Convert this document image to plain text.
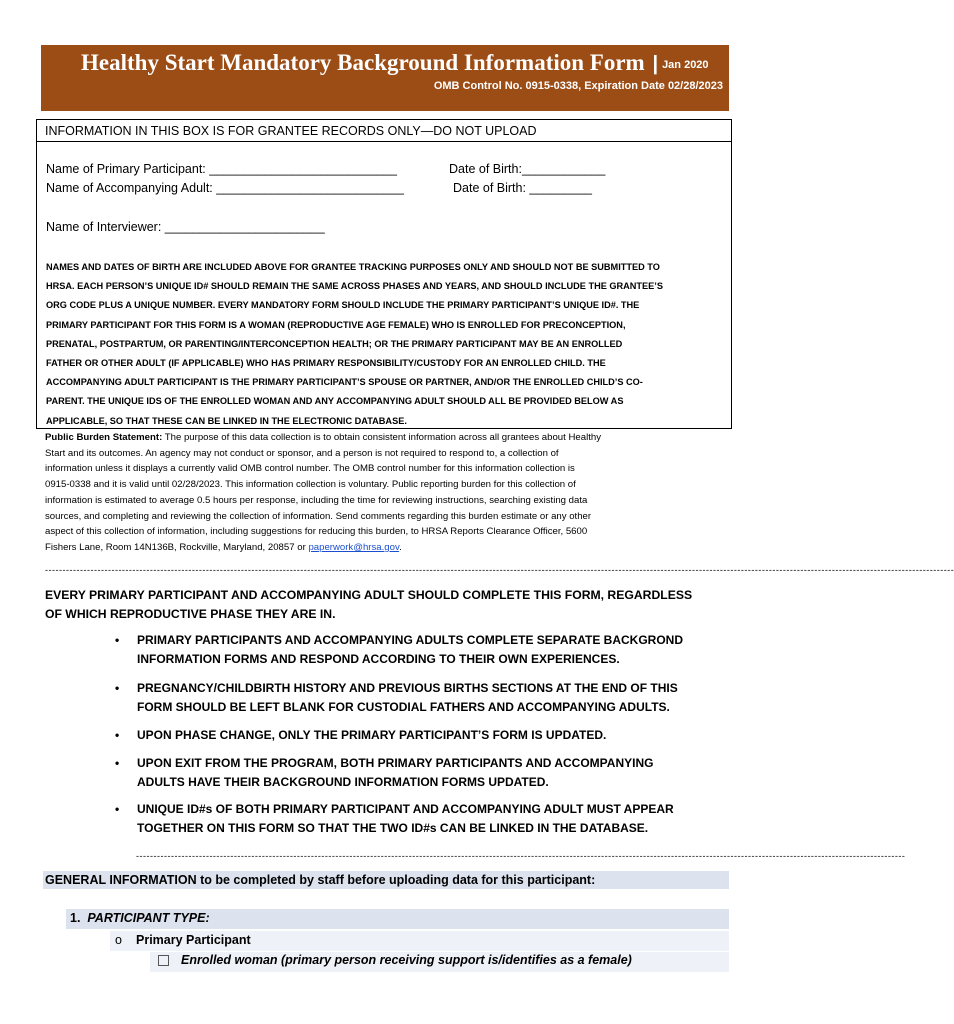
Healthy Start Mandatory Background Information Form | Jan 2020
OMB Control No. 0915-0338, Expiration Date 02/28/2023
INFORMATION IN THIS BOX IS FOR GRANTEE RECORDS ONLY—DO NOT UPLOAD
Name of Primary Participant: ___________________________	Date of Birth:____________
Name of Accompanying Adult: ___________________________	Date of Birth: _________
Name of Interviewer: _______________________
NAMES AND DATES OF BIRTH ARE INCLUDED ABOVE FOR GRANTEE TRACKING PURPOSES ONLY AND SHOULD NOT BE SUBMITTED TO
HRSA. EACH PERSON’S UNIQUE ID# SHOULD REMAIN THE SAME ACROSS PHASES AND YEARS, AND SHOULD INCLUDE THE GRANTEE’S
ORG CODE PLUS A UNIQUE NUMBER. EVERY MANDATORY FORM SHOULD INCLUDE THE PRIMARY PARTICIPANT’S UNIQUE ID#. THE
PRIMARY PARTICIPANT FOR THIS FORM IS A WOMAN (REPRODUCTIVE AGE FEMALE) WHO IS ENROLLED FOR PRECONCEPTION,
PRENATAL, POSTPARTUM, OR PARENTING/INTERCONCEPTION HEALTH; OR THE PRIMARY PARTICIPANT MAY BE AN ENROLLED
FATHER OR OTHER ADULT (IF APPLICABLE) WHO HAS PRIMARY RESPONSIBILITY/CUSTODY FOR AN ENROLLED CHILD. THE
ACCOMPANYING ADULT PARTICIPANT IS THE PRIMARY PARTICIPANT’S SPOUSE OR PARTNER, AND/OR THE ENROLLED CHILD’S CO-
PARENT. THE UNIQUE IDS OF THE ENROLLED WOMAN AND ANY ACCOMPANYING ADULT SHOULD ALL BE PROVIDED BELOW AS
APPLICABLE, SO THAT THESE CAN BE LINKED IN THE ELECTRONIC DATABASE.
Public Burden Statement: The purpose of this data collection is to obtain consistent information across all grantees about Healthy
Start and its outcomes. An agency may not conduct or sponsor, and a person is not required to respond to, a collection of
information unless it displays a currently valid OMB control number. The OMB control number for this information collection is
0915-0338 and it is valid until 02/28/2023. This information collection is voluntary. Public reporting burden for this collection of
information is estimated to average 0.5 hours per response, including the time for reviewing instructions, searching existing data
sources, and completing and reviewing the collection of information. Send comments regarding this burden estimate or any other
aspect of this collection of information, including suggestions for reducing this burden, to HRSA Reports Clearance Officer, 5600
Fishers Lane, Room 14N136B, Rockville, Maryland, 20857 or paperwork@hrsa.gov.
--------------------------------------------------------------------------------------------------------------------------------------------------------------------------------------------------------------------------------------------------------------------
EVERY PRIMARY PARTICIPANT AND ACCOMPANYING ADULT SHOULD COMPLETE THIS FORM, REGARDLESS
OF WHICH REPRODUCTIVE PHASE THEY ARE IN.
• PRIMARY PARTICIPANTS AND ACCOMPANYING ADULTS COMPLETE SEPARATE BACKGROND
INFORMATION FORMS AND RESPOND ACCORDING TO THEIR OWN EXPERIENCES.
• PREGNANCY/CHILDBIRTH HISTORY AND PREVIOUS BIRTHS SECTIONS AT THE END OF THIS
FORM SHOULD BE LEFT BLANK FOR CUSTODIAL FATHERS AND ACCOMPANYING ADULTS.
• UPON PHASE CHANGE, ONLY THE PRIMARY PARTICIPANT’S FORM IS UPDATED.
• UPON EXIT FROM THE PROGRAM, BOTH PRIMARY PARTICIPANTS AND ACCOMPANYING
ADULTS HAVE THEIR BACKGROUND INFORMATION FORMS UPDATED.
• UNIQUE ID#s OF BOTH PRIMARY PARTICIPANT AND ACCOMPANYING ADULT MUST APPEAR
TOGETHER ON THIS FORM SO THAT THE TWO ID#s CAN BE LINKED IN THE DATABASE.
----------------------------------------------------------------------------------------------------------------------------------------------------------------------------------------------------------------------------
GENERAL INFORMATION to be completed by staff before uploading data for this participant:
1. PARTICIPANT TYPE:
o Primary Participant
Enrolled woman (primary person receiving support is/identifies as a female)
